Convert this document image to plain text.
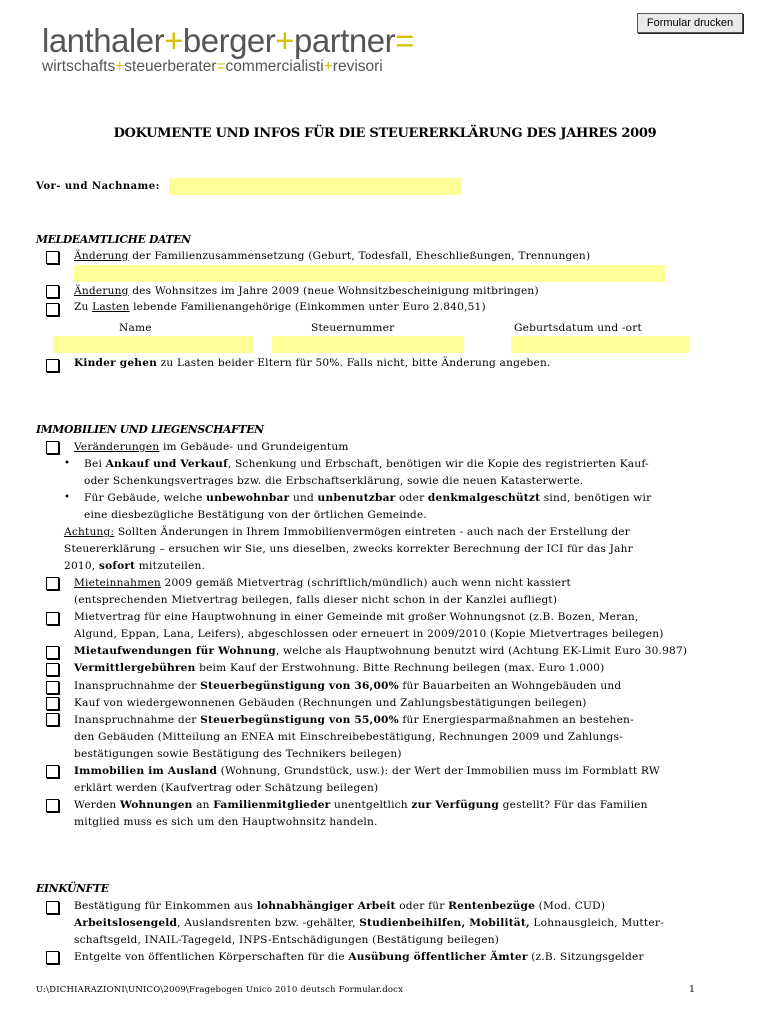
Formular drucken
lanthaler+berger+partner=
wirtschafts+steuerberater=commercialisti+revisori
DOKUMENTE UND INFOS FÜR DIE STEUERERKLÄRUNG DES JAHRES 2009
Vor- und Nachname:
MELDEAMTLICHE DATEN
Änderung der Familienzusammensetzung (Geburt, Todesfall, Eheschließungen, Trennungen)
Änderung des Wohnsitzes im Jahre 2009 (neue Wohnsitzbescheinigung mitbringen)
Zu Lasten lebende Familienangehörige (Einkommen unter Euro 2.840,51)
Name	Steuernummer	Geburtsdatum und -ort
Kinder gehen zu Lasten beider Eltern für 50%. Falls nicht, bitte Änderung angeben.
IMMOBILIEN UND LIEGENSCHAFTEN
Veränderungen im Gebäude- und Grundeigentum
• Bei Ankauf und Verkauf, Schenkung und Erbschaft, benötigen wir die Kopie des registrierten Kauf-
oder Schenkungsvertrages bzw. die Erbschaftserklärung, sowie die neuen Katasterwerte.
• Für Gebäude, welche unbewohnbar und unbenutzbar oder denkmalgeschützt sind, benötigen wir
eine diesbezügliche Bestätigung von der örtlichen Gemeinde.
Achtung: Sollten Änderungen in Ihrem Immobilienvermögen eintreten - auch nach der Erstellung der
Steuererklärung – ersuchen wir Sie, uns dieselben, zwecks korrekter Berechnung der ICI für das Jahr
2010, sofort mitzuteilen.
Mieteinnahmen 2009 gemäß Mietvertrag (schriftlich/mündlich) auch wenn nicht kassiert
(entsprechenden Mietvertrag beilegen, falls dieser nicht schon in der Kanzlei aufliegt)
Mietvertrag für eine Hauptwohnung in einer Gemeinde mit großer Wohnungsnot (z.B. Bozen, Meran,
Algund, Eppan, Lana, Leifers), abgeschlossen oder erneuert in 2009/2010 (Kopie Mietvertrages beilegen)
Mietaufwendungen für Wohnung, welche als Hauptwohnung benutzt wird (Achtung EK-Limit Euro 30.987)
Vermittlergebühren beim Kauf der Erstwohnung. Bitte Rechnung beilegen (max. Euro 1.000)
Inanspruchnahme der Steuerbegünstigung von 36,00% für Bauarbeiten an Wohngebäuden und
Kauf von wiedergewonnenen Gebäuden (Rechnungen und Zahlungsbestätigungen beilegen)
Inanspruchnahme der Steuerbegünstigung von 55,00% für Energiesparmaßnahmen an bestehen-
den Gebäuden (Mitteilung an ENEA mit Einschreibebestätigung, Rechnungen 2009 und Zahlungs-
bestätigungen sowie Bestätigung des Technikers beilegen)
Immobilien im Ausland (Wohnung, Grundstück, usw.): der Wert der Immobilien muss im Formblatt RW
erklärt werden (Kaufvertrag oder Schätzung beilegen)
Werden Wohnungen an Familienmitglieder unentgeltlich zur Verfügung gestellt? Für das Familien
mitglied muss es sich um den Hauptwohnsitz handeln.
EINKÜNFTE
Bestätigung für Einkommen aus lohnabhängiger Arbeit oder für Rentenbezüge (Mod. CUD)
Arbeitslosengeld, Auslandsrenten bzw. -gehälter, Studienbeihilfen, Mobilität, Lohnausgleich, Mutter-
schaftsgeld, INAIL-Tagegeld, INPS-Entschädigungen (Bestätigung beilegen)
Entgelte von öffentlichen Körperschaften für die Ausübung öffentlicher Ämter (z.B. Sitzungsgelder
U:\DICHIARAZIONI\UNICO\2009\Fragebogen Unico 2010 deutsch Formular.docx	1
